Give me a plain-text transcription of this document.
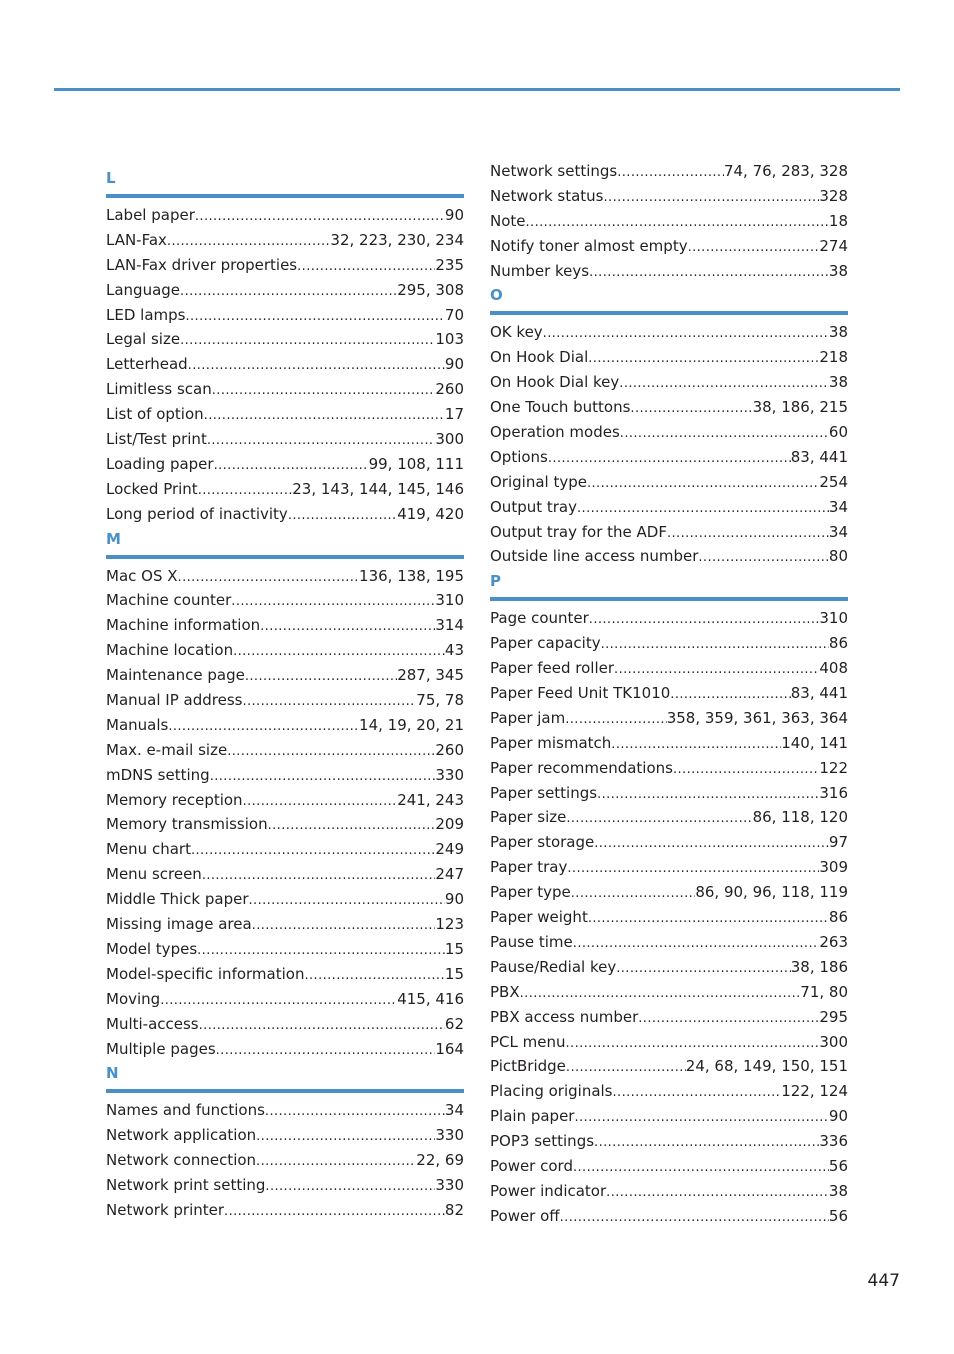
L
Label paper .....	90
LAN-Fax .....	32, 223, 230, 234
LAN-Fax driver properties .....	235
Language .....	295, 308
LED lamps .....	70
Legal size .....	103
Letterhead .....	90
Limitless scan .....	260
List of option .....	17
List/Test print .....	300
Loading paper .....	99, 108, 111
Locked Print .....	23, 143, 144, 145, 146
Long period of inactivity .....	419, 420
M
Mac OS X .....	136, 138, 195
Machine counter .....	310
Machine information .....	314
Machine location .....	43
Maintenance page .....	287, 345
Manual IP address .....	75, 78
Manuals .....	14, 19, 20, 21
Max. e-mail size .....	260
mDNS setting .....	330
Memory reception .....	241, 243
Memory transmission .....	209
Menu chart .....	249
Menu screen .....	247
Middle Thick paper .....	90
Missing image area .....	123
Model types .....	15
Model-specific information .....	15
Moving .....	415, 416
Multi-access .....	62
Multiple pages .....	164
N
Names and functions .....	34
Network application .....	330
Network connection .....	22, 69
Network print setting .....	330
Network printer .....	82
Network settings .....	74, 76, 283, 328
Network status .....	328
Note .....	18
Notify toner almost empty .....	274
Number keys .....	38
O
OK key .....	38
On Hook Dial .....	218
On Hook Dial key .....	38
One Touch buttons .....	38, 186, 215
Operation modes .....	60
Options .....	83, 441
Original type .....	254
Output tray .....	34
Output tray for the ADF .....	34
Outside line access number .....	80
P
Page counter .....	310
Paper capacity .....	86
Paper feed roller .....	408
Paper Feed Unit TK1010 .....	83, 441
Paper jam .....	358, 359, 361, 363, 364
Paper mismatch .....	140, 141
Paper recommendations .....	122
Paper settings .....	316
Paper size .....	86, 118, 120
Paper storage .....	97
Paper tray .....	309
Paper type .....	86, 90, 96, 118, 119
Paper weight .....	86
Pause time .....	263
Pause/Redial key .....	38, 186
PBX .....	71, 80
PBX access number .....	295
PCL menu .....	300
PictBridge .....	24, 68, 149, 150, 151
Placing originals .....	122, 124
Plain paper .....	90
POP3 settings .....	336
Power cord .....	56
Power indicator .....	38
Power off .....	56
447
